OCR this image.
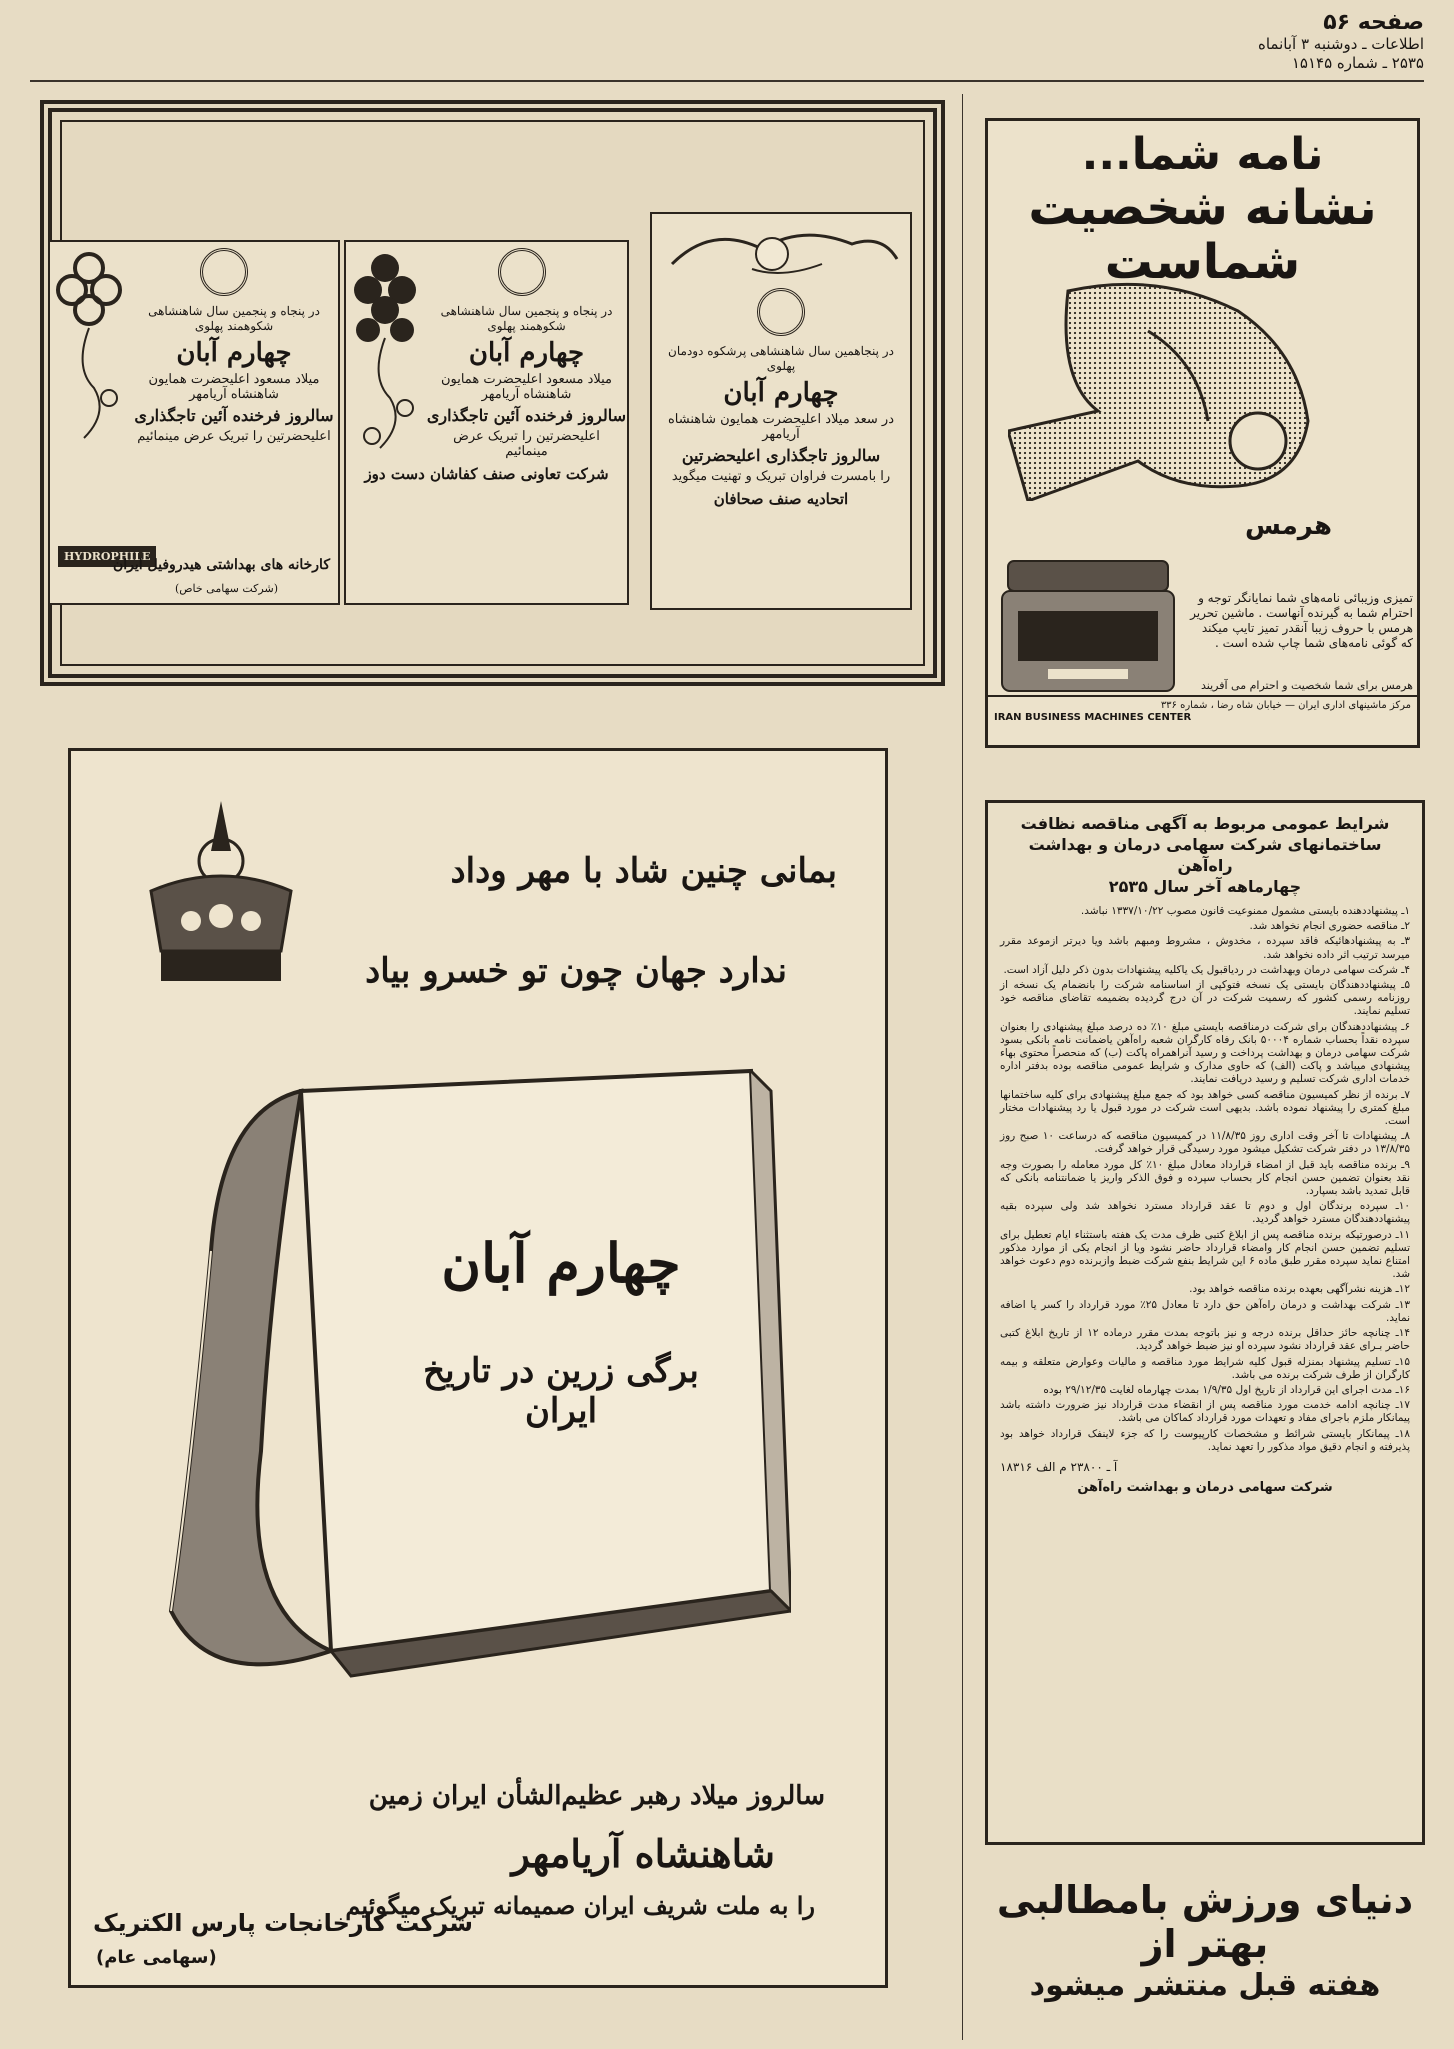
صفحه ۵۶
اطلاعات ـ دوشنبه ۳ آبانماه
۲۵۳۵ ـ شماره ۱۵۱۴۵
در پنجاهمین سال شاهنشاهی پرشکوه دودمان پهلوی
چهارم آبان
در سعد میلاد اعلیحضرت همایون شاهنشاه آریامهر
سالروز تاجگذاری اعلیحضرتین
را بامسرت فراوان تبریک و تهنیت میگوید
اتحادیه صنف صحافان
در پنجاه و پنجمین سال شاهنشاهی شکوهمند پهلوی
چهارم آبان
میلاد مسعود اعلیحضرت همایون شاهنشاه آریامهر
سالروز فرخنده آئین تاجگذاری
اعلیحضرتین را تبریک عرض مینمائیم
شرکت تعاونی صنف کفاشان دست دوز
در پنجاه و پنجمین سال شاهنشاهی شکوهمند پهلوی
چهارم آبان
میلاد مسعود اعلیحضرت همایون شاهنشاه آریامهر
سالروز فرخنده آئین تاجگذاری
اعلیحضرتین را تبریک عرض مینمائیم
HYDROPHILE
کارخانه های بهداشتی هیدروفیل ایران
(شرکت سهامی خاص)
نامه شما...
نشانه شخصیت شماست
هرمس
تمیزی وزیبائی نامه‌های شما نمایانگر توجه و احترام شما به گیرنده آنهاست . ماشین تحریر هرمس با حروف زیبا آنقدر تمیز تایپ میکند که گوئی نامه‌های شما چاپ شده است .
هرمس برای شما شخصیت و احترام می آفریند
مرکز ماشینهای اداری ایران — خیابان شاه رضا ، شماره ۳۳۶
IRAN BUSINESS MACHINES CENTER
شرایط عمومی مربوط به آگهی مناقصه نظافت
ساختمانهای شرکت سهامی درمان و بهداشت راه‌آهن
چهارماهه آخر سال ۲۵۳۵

۱ـ پیشنهاددهنده بایستی مشمول ممنوعیت قانون مصوب ۱۳۳۷/۱۰/۲۲ نباشد.

۲ـ مناقصه حضوری انجام نخواهد شد.

۳ـ به پیشنهادهائیکه فاقد سپرده ، مخدوش ، مشروط ومبهم باشد ویا دیرتر ازموعد مقرر میرسد ترتیب اثر داده نخواهد شد.

۴ـ شرکت سهامی درمان وبهداشت در ردیاقبول یک یاکلیه پیشنهادات بدون ذکر دلیل آزاد است.

۵ـ پیشنهاددهندگان بایستی یک نسخه فتوکپی از اساسنامه شرکت را بانضمام یک نسخه از روزنامه رسمی کشور که رسمیت شرکت در آن درج گردیده بضمیمه تقاضای مناقصه خود تسلیم نمایند.

۶ـ پیشنهاددهندگان برای شرکت درمناقصه بایستی مبلغ ۱۰٪ ده درصد مبلغ پیشنهادی را بعنوان سپرده نقداً بحساب شماره ۵۰۰۰۴ بانک رفاه کارگران شعبه راه‌آهن یاضمانت نامه بانکی بسود شرکت سهامی درمان و بهداشت پرداخت و رسید آنراهمراه پاکت (ب) که منحصراً محتوی بهاء پیشنهادی میباشد و پاکت (الف) که حاوی مدارک و شرایط عمومی مناقصه بوده بدفتر اداره خدمات اداری شرکت تسلیم و رسید دریافت نمایند.

۷ـ برنده از نظر کمیسیون مناقصه کسی خواهد بود که جمع مبلغ پیشنهادی برای کلیه ساختمانها مبلغ کمتری را پیشنهاد نموده باشد. بدیهی است شرکت در مورد قبول یا رد پیشنهادات مختار است.

۸ـ پیشنهادات تا آخر وقت اداری روز ۱۱/۸/۳۵ در کمیسیون مناقصه که درساعت ۱۰ صبح روز ۱۳/۸/۳۵ در دفتر شرکت تشکیل میشود مورد رسیدگی قرار خواهد گرفت.

۹ـ برنده مناقصه باید قبل از امضاء قرارداد معادل مبلغ ۱۰٪ کل مورد معامله را بصورت وجه نقد بعنوان تضمین حسن انجام کار بحساب سپرده و فوق الذکر واریز یا ضمانتنامه بانکی که قابل تمدید باشد بسپارد.

۱۰ـ سپرده برندگان اول و دوم تا عقد قرارداد مسترد نخواهد شد ولی سپرده بقیه پیشنهاددهندگان مسترد خواهد گردید.

۱۱ـ درصورتیکه برنده مناقصه پس از ابلاغ کتبی ظرف مدت یک هفته باستثناء ایام تعطیل برای تسلیم تضمین حسن انجام کار وامضاء قرارداد حاضر نشود ویا از انجام یکی از موارد مذکور امتناع نماید سپرده مقرر طبق ماده ۶ این شرایط بنفع شرکت ضبط وازبرنده دوم دعوت خواهد شد.

۱۲ـ هزینه نشرآگهی بعهده برنده مناقصه خواهد بود.

۱۳ـ شرکت بهداشت و درمان راه‌آهن حق دارد تا معادل ۲۵٪ مورد قرارداد را کسر یا اضافه نماید.

۱۴ـ چنانچه حائز حداقل برنده درجه و نیز باتوجه بمدت مقرر درماده ۱۲ از تاریخ ابلاغ کتبی حاضر بـرای عقد قرارداد نشود سپرده او نیز ضبط خواهد گردید.

۱۵ـ تسلیم پیشنهاد بمنزله قبول کلیه شرایط مورد مناقصه و مالیات وعوارض متعلقه و بیمه کارگران از طرف شرکت برنده می باشد.

۱۶ـ مدت اجرای این قرارداد از تاریخ اول ۱/۹/۳۵ بمدت چهارماه لغایت ۲۹/۱۲/۳۵ بوده

۱۷ـ چنانچه ادامه خدمت مورد مناقصه پس از انقضاء مدت قرارداد نیز ضرورت داشته باشد پیمانکار ملزم باجرای مفاد و تعهدات مورد قرارداد کماکان می باشد.

۱۸ـ پیمانکار بایستی شرائط و مشخصات کارپیوست را که جزء لاینفک قرارداد خواهد بود پذیرفته و انجام دقیق مواد مذکور را تعهد نماید.

آ ـ ۲۳۸۰۰ م الف ۱۸۳۱۶
شرکت سهامی درمان و بهداشت راه‌آهن
دنیای ورزش بامطالبی بهتر از
هفته قبل منتشر میشود
بمانی چنین شاد با مهر وداد
ندارد جهان چون تو خسرو بیاد
چهارم آبان
برگی زرین در تاریخ ایران
سالروز میلاد رهبر عظیم‌الشأن ایران زمین
شاهنشاه آریامهر
را به ملت شریف ایران صمیمانه تبریک میگوئیم
شرکت کارخانجات پارس الکتریک
(سهامی عام)
